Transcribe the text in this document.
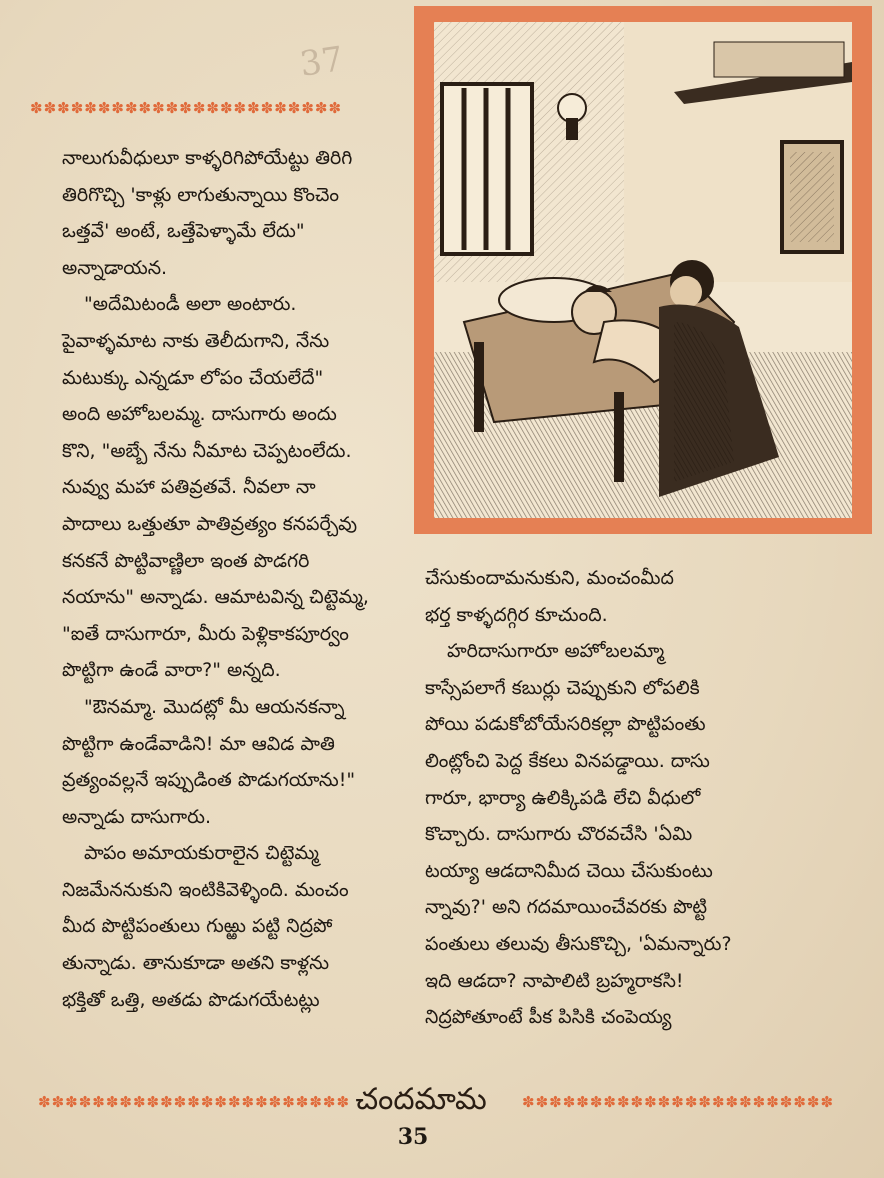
37
✽✽✽✽✽✽✽✽✽✽✽✽✽✽✽✽✽✽✽✽✽✽✽

నాలుగువీధులూ కాళ్ళరిగిపోయేట్టు తిరిగి

తిరిగొచ్చి 'కాళ్లు లాగుతున్నాయి కొంచెం

ఒత్తవే' అంటే, ఒత్తేపెళ్ళామే లేదు"

అన్నాడాయన.

"అదేమిటండీ అలా అంటారు.

పైవాళ్ళమాట నాకు తెలీదుగాని, నేను

మటుక్కు ఎన్నడూ లోపం చేయలేదే"

అంది అహోబలమ్మ. దాసుగారు అందు

కొని, "అబ్బే నేను నీమాట చెప్పటంలేదు.

నువ్వు మహా పతివ్రతవే. నీవలా నా

పాదాలు ఒత్తుతూ పాతివ్రత్యం కనపర్చేవు

కనకనే పొట్టివాణ్ణిలా ఇంత పొడగరి

నయాను" అన్నాడు. ఆమాటవిన్న చిట్టెమ్మ,

"ఐతే దాసుగారూ, మీరు పెళ్లికాకపూర్వం

పొట్టిగా ఉండే వారా?" అన్నది.

"ఔనమ్మా. మొదట్లో మీ ఆయనకన్నా

పొట్టిగా ఉండేవాడిని! మా ఆవిడ పాతి

వ్రత్యంవల్లనే ఇప్పుడింత పొడుగయాను!"

అన్నాడు దాసుగారు.

పాపం అమాయకురాలైన చిట్టెమ్మ

నిజమేననుకుని ఇంటికివెళ్ళింది. మంచం

మీద పొట్టిపంతులు గుఱ్ఱు పట్టి నిద్రపో

తున్నాడు. తానుకూడా అతని కాళ్లను

భక్తితో ఒత్తి, అతడు పొడుగయేటట్లు

చేసుకుందామనుకుని, మంచంమీద

భర్త కాళ్ళదగ్గిర కూచుంది.

హరిదాసుగారూ అహోబలమ్మా

కాస్సేపలాగే కబుర్లు చెప్పుకుని లోపలికి

పోయి పడుకోబోయేసరికల్లా పొట్టిపంతు

లింట్లోంచి పెద్ద కేకలు వినపడ్డాయి. దాసు

గారూ, భార్యా ఉలిక్కిపడి లేచి వీధులో

కొచ్చారు. దాసుగారు చొరవచేసి 'ఏమి

టయ్యా ఆడదానిమీద చెయి చేసుకుంటు

న్నావు?' అని గదమాయించేవరకు పొట్టి

పంతులు తలువు తీసుకొచ్చి, 'ఏమన్నారు?

ఇది ఆడదా? నాపాలిటి బ్రహ్మరాకసి!

నిద్రపోతూంటే పీక పిసికి చంపెయ్య

✽✽✽✽✽✽✽✽✽✽✽✽✽✽✽✽✽✽✽✽✽✽✽ చందమామ	✽✽✽✽✽✽✽✽✽✽✽✽✽✽✽✽✽✽✽✽✽✽✽
35
